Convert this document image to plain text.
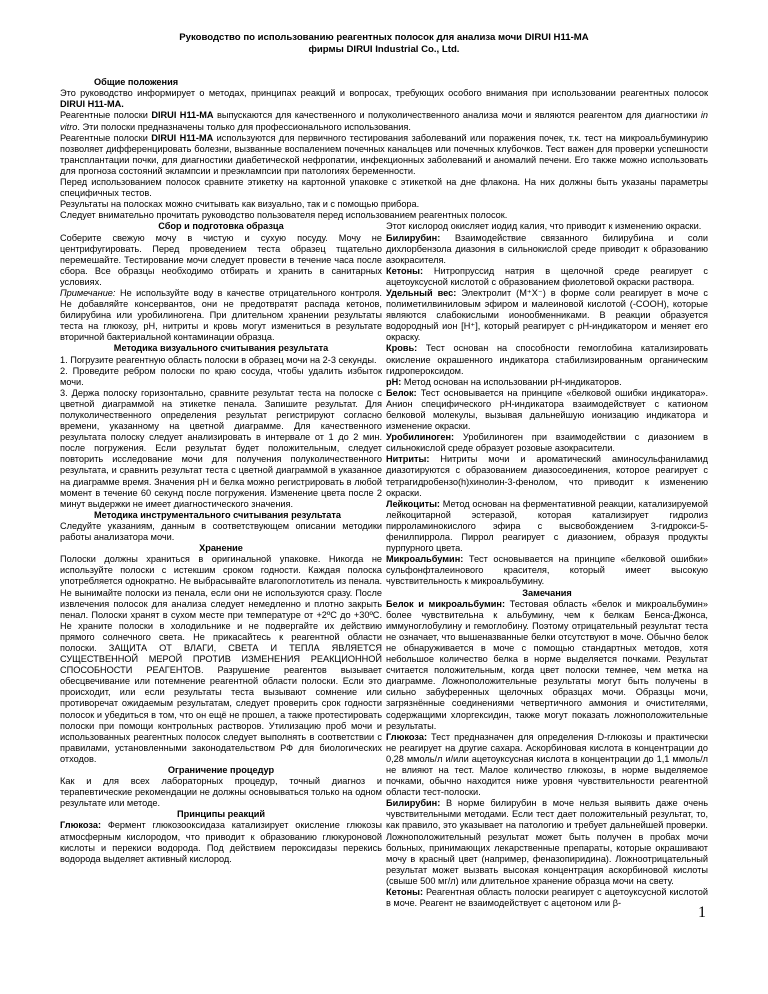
Руководство по использованию реагентных полосок для анализа мочи DIRUI H11-MA
фирмы DIRUI Industrial Co., Ltd.

Общие положения

Это руководство информирует о методах, принципах реакций и вопросах, требующих особого внимания при использовании реагентных полосок DIRUI H11-MA.

Реагентные полоски DIRUI H11-MA выпускаются для качественного и полуколичественного анализа мочи и являются реагентом для диагностики in vitro. Эти полоски предназначены только для профессионального использования.

Реагентные полоски DIRUI H11-MA используются для первичного тестирования заболеваний или поражения почек, т.к. тест на микроальбуминурию позволяет дифференцировать болезни, вызванные воспалением почечных канальцев или почечных клубочков. Тест важен для проверки успешности трансплантации почки, для диагностики диабетической нефропатии, инфекционных заболеваний и аномалий печени. Его также можно использовать для прогноза состояний эклампсии и преэклампсии при патологиях беременности.

Перед использованием полосок сравните этикетку на картонной упаковке с этикеткой на дне флакона. На них должны быть указаны параметры специфичных тестов.

Результаты на полосках можно считывать как визуально, так и с помощью прибора.

Следует внимательно прочитать руководство пользователя перед использованием реагентных полосок.

Сбор и подготовка образца

Соберите свежую мочу в чистую и сухую посуду. Мочу не центрифугировать. Перед проведением теста образец тщательно перемешайте. Тестирование мочи следует провести в течение часа после сбора. Все образцы необходимо отбирать и хранить в санитарных условиях.

Примечание: Не используйте воду в качестве отрицательного контроля. Не добавляйте консервантов, они не предотвратят распада кетонов, билирубина или уробилиногена. При длительном хранении результаты теста на глюкозу, pH, нитриты и кровь могут измениться в результате вторичной бактериальной контаминации образца.

Методика визуального считывания результата

1. Погрузите реагентную область полоски в образец мочи на 2-3 секунды.

2. Проведите ребром полоски по краю сосуда, чтобы удалить избыток мочи.

3. Держа полоску горизонтально, сравните результат теста на полоске с цветной диаграммой на этикетке пенала. Запишите результат. Для полуколичественного определения результат регистрируют согласно времени, указанному на цветной диаграмме. Для качественного результата полоску следует анализировать в интервале от 1 до 2 мин. после погружения. Если результат будет положительным, следует повторить исследование мочи для получения полуколичественного результата, и сравнить результат теста с цветной диаграммой в указанное на диаграмме время. Значения pH и белка можно регистрировать в любой момент в течение 60 секунд после погружения. Изменение цвета после 2 минут выдержки не имеет диагностического значения.

Методика инструментального считывания результата

Следуйте указаниям, данным в соответствующем описании методики работы анализатора мочи.

Хранение

Полоски должны храниться в оригинальной упаковке. Никогда не используйте полоски с истекшим сроком годности. Каждая полоска употребляется однократно. Не выбрасывайте влагопоглотитель из пенала. Не вынимайте полоски из пенала, если они не используются сразу. После извлечения полосок для анализа следует немедленно и плотно закрыть пенал. Полоски хранят в сухом месте при температуре от +2ºС до +30ºС. Не храните полоски в холодильнике и не подвергайте их действию прямого солнечного света. Не прикасайтесь к реагентной области полоски. ЗАЩИТА ОТ ВЛАГИ, СВЕТА И ТЕПЛА ЯВЛЯЕТСЯ СУЩЕСТВЕННОЙ МЕРОЙ ПРОТИВ ИЗМЕНЕНИЯ РЕАКЦИОННОЙ СПОСОБНОСТИ РЕАГЕНТОВ. Разрушение реагентов вызывает обесцвечивание или потемнение реагентной области полоски. Если это происходит, или если результаты теста вызывают сомнение или противоречат ожидаемым результатам, следует проверить срок годности полосок и убедиться в том, что он ещё не прошел, а также протестировать полоски при помощи контрольных растворов. Утилизацию проб мочи и использованных реагентных полосок следует выполнять в соответствии с правилами, установленными законодательством РФ для биологических отходов.

Ограничение процедур

Как и для всех лабораторных процедур, точный диагноз и терапевтические рекомендации не должны основываться только на одном результате или методе.

Принципы реакций

Глюкоза: Фермент глюкозооксидаза катализирует окисление глюкозы атмосферным кислородом, что приводит к образованию глюкуроновой кислоты и перекиси водорода. Под действием пероксидазы перекись водорода выделяет активный кислород.

Этот кислород окисляет иодид калия, что приводит к изменению окраски.

Билирубин: Взаимодействие связанного билирубина и соли дихлорбензола диазония в сильнокислой среде приводит к образованию азокрасителя.

Кетоны: Нитропруссид натрия в щелочной среде реагирует с ацетоуксусной кислотой с образованием фиолетовой окраски раствора.

Удельный вес: Электролит (M⁺X⁻) в форме соли реагирует в моче с полиметилвиниловым эфиром и малеиновой кислотой (-COOH), которые являются слабокислыми ионообменниками. В реакции образуется водородный ион [H⁺], который реагирует с pH-индикатором и меняет его окраску.

Кровь: Тест основан на способности гемоглобина катализировать окисление окрашенного индикатора стабилизированным органическим гидропероксидом.

pH: Метод основан на использовании pH-индикаторов.

Белок: Тест основывается на принципе «белковой ошибки индикатора». Анион специфического pH-индикатора взаимодействует с катионом белковой молекулы, вызывая дальнейшую ионизацию индикатора и изменение окраски.

Уробилиноген: Уробилиноген при взаимодействии с диазонием в сильнокислой среде образует розовые азокрасители.

Нитриты: Нитриты мочи и ароматический аминосульфаниламид диазотируются с образованием диазосоединения, которое реагирует с тетрагидробензо(h)хинолин-3-фенолом, что приводит к изменению окраски.

Лейкоциты: Метод основан на ферментативной реакции, катализируемой лейкоцитарной эстеразой, которая катализирует гидролиз пирроламинокислого эфира с высвобождением 3-гидрокси-5-фенилпиррола. Пиррол реагирует с диазонием, образуя продукты пурпурного цвета.

Микроальбумин: Тест основывается на принципе «белковой ошибки» сульфонфталеинового красителя, который имеет высокую чувствительность к микроальбумину.

Замечания

Белок и микроальбумин: Тестовая область «белок и микроальбумин» более чувствительна к альбумину, чем к белкам Бенса-Джонса, иммуноглобулину и гемоглобину. Поэтому отрицательный результат теста не означает, что вышеназванные белки отсутствуют в моче. Обычно белок не обнаруживается в моче с помощью стандартных методов, хотя небольшое количество белка в норме выделяется почками. Результат считается положительным, когда цвет полоски темнее, чем метка на диаграмме. Ложноположительные результаты могут быть получены в сильно забуференных щелочных образцах мочи. Образцы мочи, загрязнённые соединениями четвертичного аммония и очистителями, содержащими хлоргексидин, также могут показать ложноположительные результаты.

Глюкоза: Тест предназначен для определения D-глюкозы и практически не реагирует на другие сахара. Аскорбиновая кислота в концентрации до 0,28 ммоль/л и/или ацетоуксусная кислота в концентрации до 1,1 ммоль/л не влияют на тест. Малое количество глюкозы, в норме выделяемое почками, обычно находится ниже уровня чувствительности реагентной области тест-полоски.

Билирубин: В норме билирубин в моче нельзя выявить даже очень чувствительными методами. Если тест дает положительный результат, то, как правило, это указывает на патологию и требует дальнейшей проверки. Ложноположительный результат может быть получен в пробах мочи больных, принимающих лекарственные препараты, которые окрашивают мочу в красный цвет (например, феназопиридина). Ложноотрицательный результат может вызвать высокая концентрация аскорбиновой кислоты (свыше 500 мг/л) или длительное хранение образца мочи на свету.

Кетоны: Реагентная область полоски реагирует с ацетоуксусной кислотой в моче. Реагент не взаимодействует с ацетоном или β-

1
